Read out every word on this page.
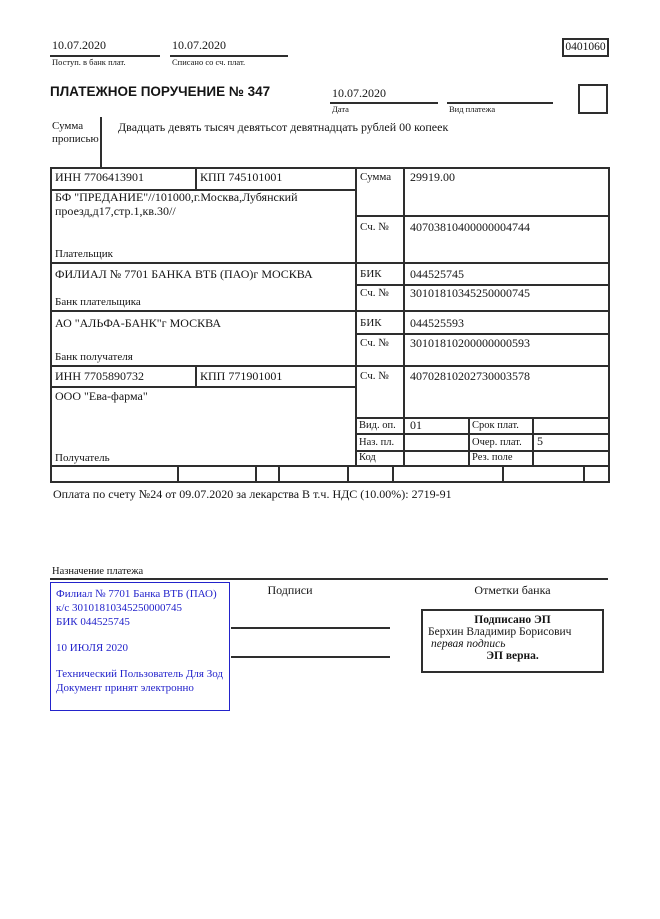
10.07.2020
Поступ. в банк плат.
10.07.2020
Списано со сч. плат.
0401060
ПЛАТЕЖНОЕ ПОРУЧЕНИЕ № 347	10.07.2020
Дата	Вид платежа
Сумма прописью
Двадцать девять тысяч девятьсот девятнадцать рублей 00 копеек
ИНН 7706413901	КПП 745101001	Сумма 29919.00
БФ "ПРЕДАНИЕ"//101000,г.Москва,Лубянский проезд,д17,стр.1,кв.30//
Сч. № 40703810400000004744
Плательщик
ФИЛИАЛ № 7701 БАНКА ВТБ (ПАО)г МОСКВА	БИК 044525745
Сч. № 30101810345250000745
Банк плательщика
АО "АЛЬФА-БАНК"г МОСКВА	БИК 044525593
Сч. № 30101810200000000593
Банк получателя
ИНН 7705890732	КПП 771901001	Сч. № 40702810202730003578
ООО "Ева-фарма"
Получатель
Вид. оп. 01	Срок плат.
Наз. пл.	Очер. плат. 5
Код	Рез. поле
Оплата по счету №24 от 09.07.2020 за лекарства В т.ч. НДС (10.00%): 2719-91
Назначение платежа
Филиал № 7701 Банка ВТБ (ПАО)
к/с 30101810345250000745
БИК 044525745
10 ИЮЛЯ 2020
Технический Пользователь Для Зод
Документ принят электронно
Подписи	Отметки банка
Подписано ЭП
Берхин Владимир Борисович
первая подпись
ЭП верна.
